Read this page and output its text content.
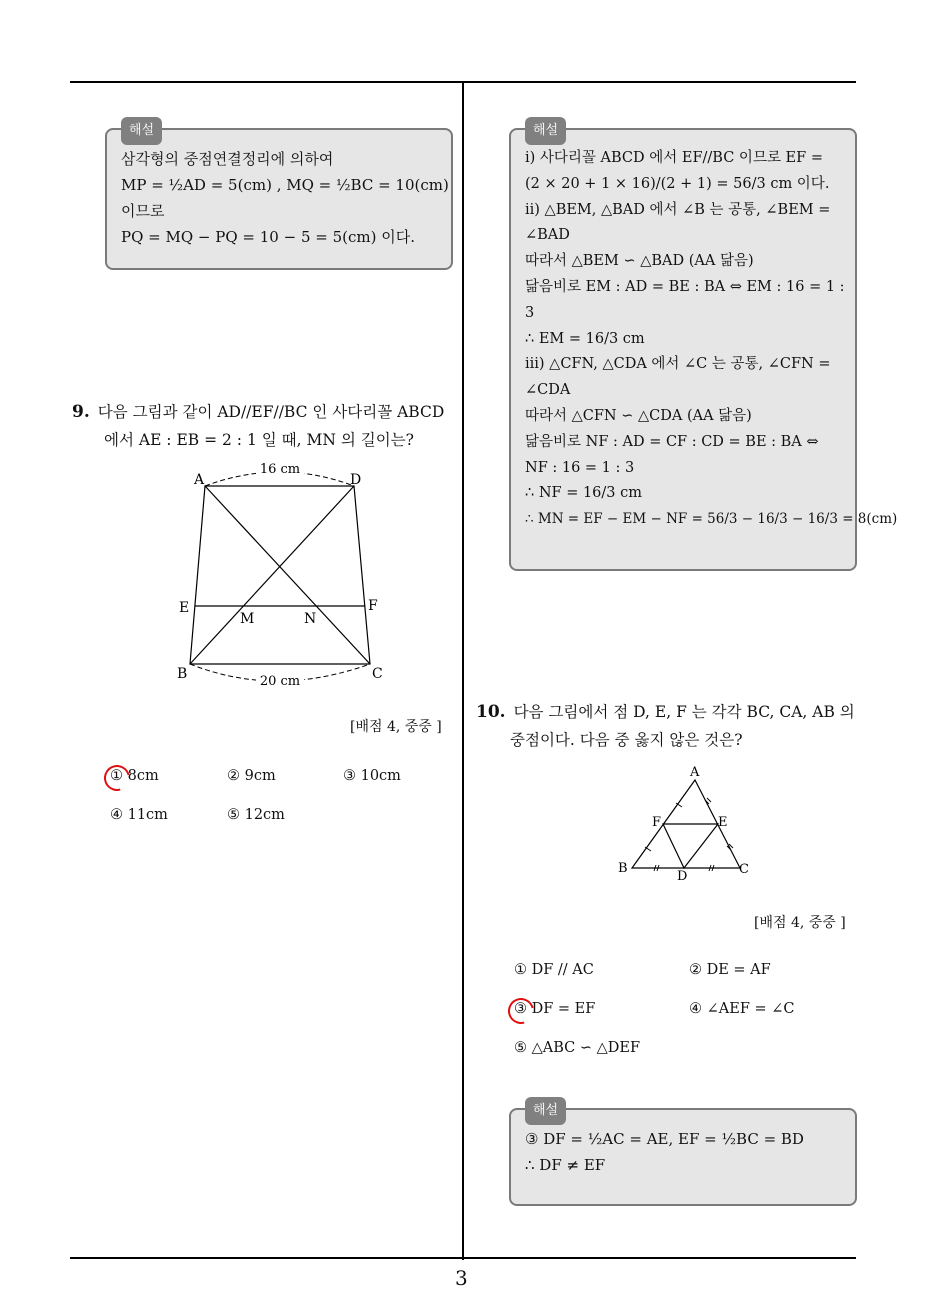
해설
삼각형의 중점연결정리에 의하여
MP = ½AD = 5(cm) , MQ = ½BC = 10(cm)
이므로
PQ = MQ − PQ = 10 − 5 = 5(cm) 이다.
9. 다음 그림과 같이 AD//EF//BC 인 사다리꼴 ABCD
에서 AE : EB = 2 : 1 일 때, MN 의 길이는?
16 cm
20 cm
A	D
E	F
M	N
B	C
[배점 4, 중중 ]
① 8cm	② 9cm	③ 10cm
④ 11cm	⑤ 12cm
해설
ⅰ) 사다리꼴 ABCD 에서 EF//BC 이므로 EF =
(2 × 20 + 1 × 16)/(2 + 1) = 56/3 cm 이다.
ⅱ) △BEM, △BAD 에서 ∠B 는 공통, ∠BEM =
∠BAD
따라서 △BEM ∽ △BAD (AA 닮음)
닮음비로 EM : AD = BE : BA ⇔ EM : 16 = 1 :
3
∴ EM = 16/3 cm
ⅲ) △CFN, △CDA 에서 ∠C 는 공통, ∠CFN =
∠CDA
따라서 △CFN ∽ △CDA (AA 닮음)
닮음비로 NF : AD = CF : CD = BE : BA ⇔
NF : 16 = 1 : 3
∴ NF = 16/3 cm
∴ MN = EF − EM − NF = 56/3 − 16/3 − 16/3 = 8(cm)
10. 다음 그림에서 점 D, E, F 는 각각 BC, CA, AB 의
중점이다. 다음 중 옳지 않은 것은?
A
F	E
B
D	C
[배점 4, 중중 ]
① DF // AC	② DE = AF
③ DF = EF	④ ∠AEF = ∠C
⑤ △ABC ∽ △DEF
해설
③ DF = ½AC = AE, EF = ½BC = BD
∴ DF ≠ EF
3
